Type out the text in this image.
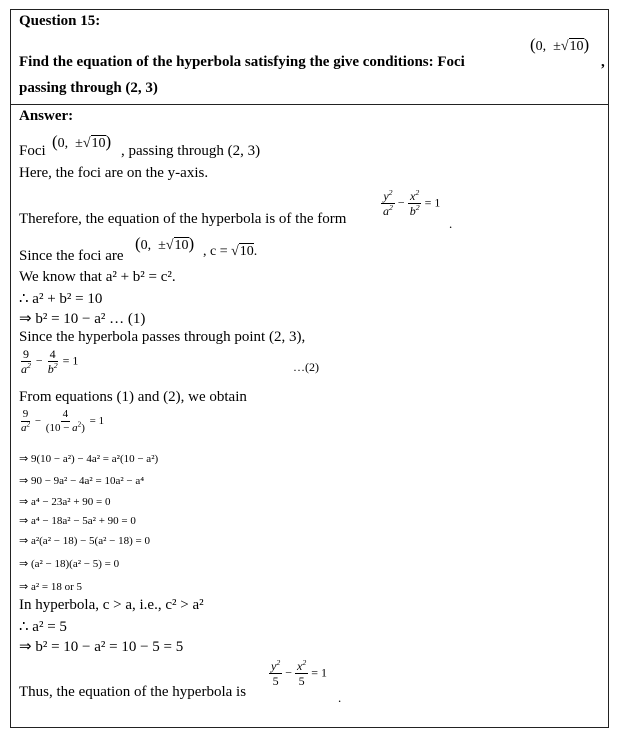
Question 15:
Find the equation of the hyperbola satisfying the give conditions: Foci
(0,  ±√10)
,
passing through (2, 3)
Answer:
Foci (0,  ±√10) , passing through (2, 3)
Here, the foci are on the y-axis.
Therefore, the equation of the hyperbola is of the form
$\frac{y^2}{a^2} - \frac{x^2}{b^2} = 1$
.
Since the foci are
(0,  ±√10) , c = √10.
We know that a² + b² = c².
∴ a² + b² = 10
⇒ b² = 10 − a² … (1)
Since the hyperbola passes through point (2, 3),
$\frac{9}{a^2} - \frac{4}{b^2} = 1$	…(2)
From equations (1) and (2), we obtain
$\frac{9}{a^2} - \frac{4}{(10 - a^2)} = 1$
⇒ 9(10 − a²) − 4a² = a²(10 − a²)
⇒ 90 − 9a² − 4a² = 10a² − a⁴
⇒ a⁴ − 23a² + 90 = 0
⇒ a⁴ − 18a² − 5a² + 90 = 0
⇒ a²(a² − 18) − 5(a² − 18) = 0
⇒ (a² − 18)(a² − 5) = 0
⇒ a² = 18 or 5
In hyperbola, c > a, i.e., c² > a²
∴ a² = 5
⇒ b² = 10 − a² = 10 − 5 = 5
Thus, the equation of the hyperbola is
$\frac{y^2}{5} - \frac{x^2}{5} = 1$
.
